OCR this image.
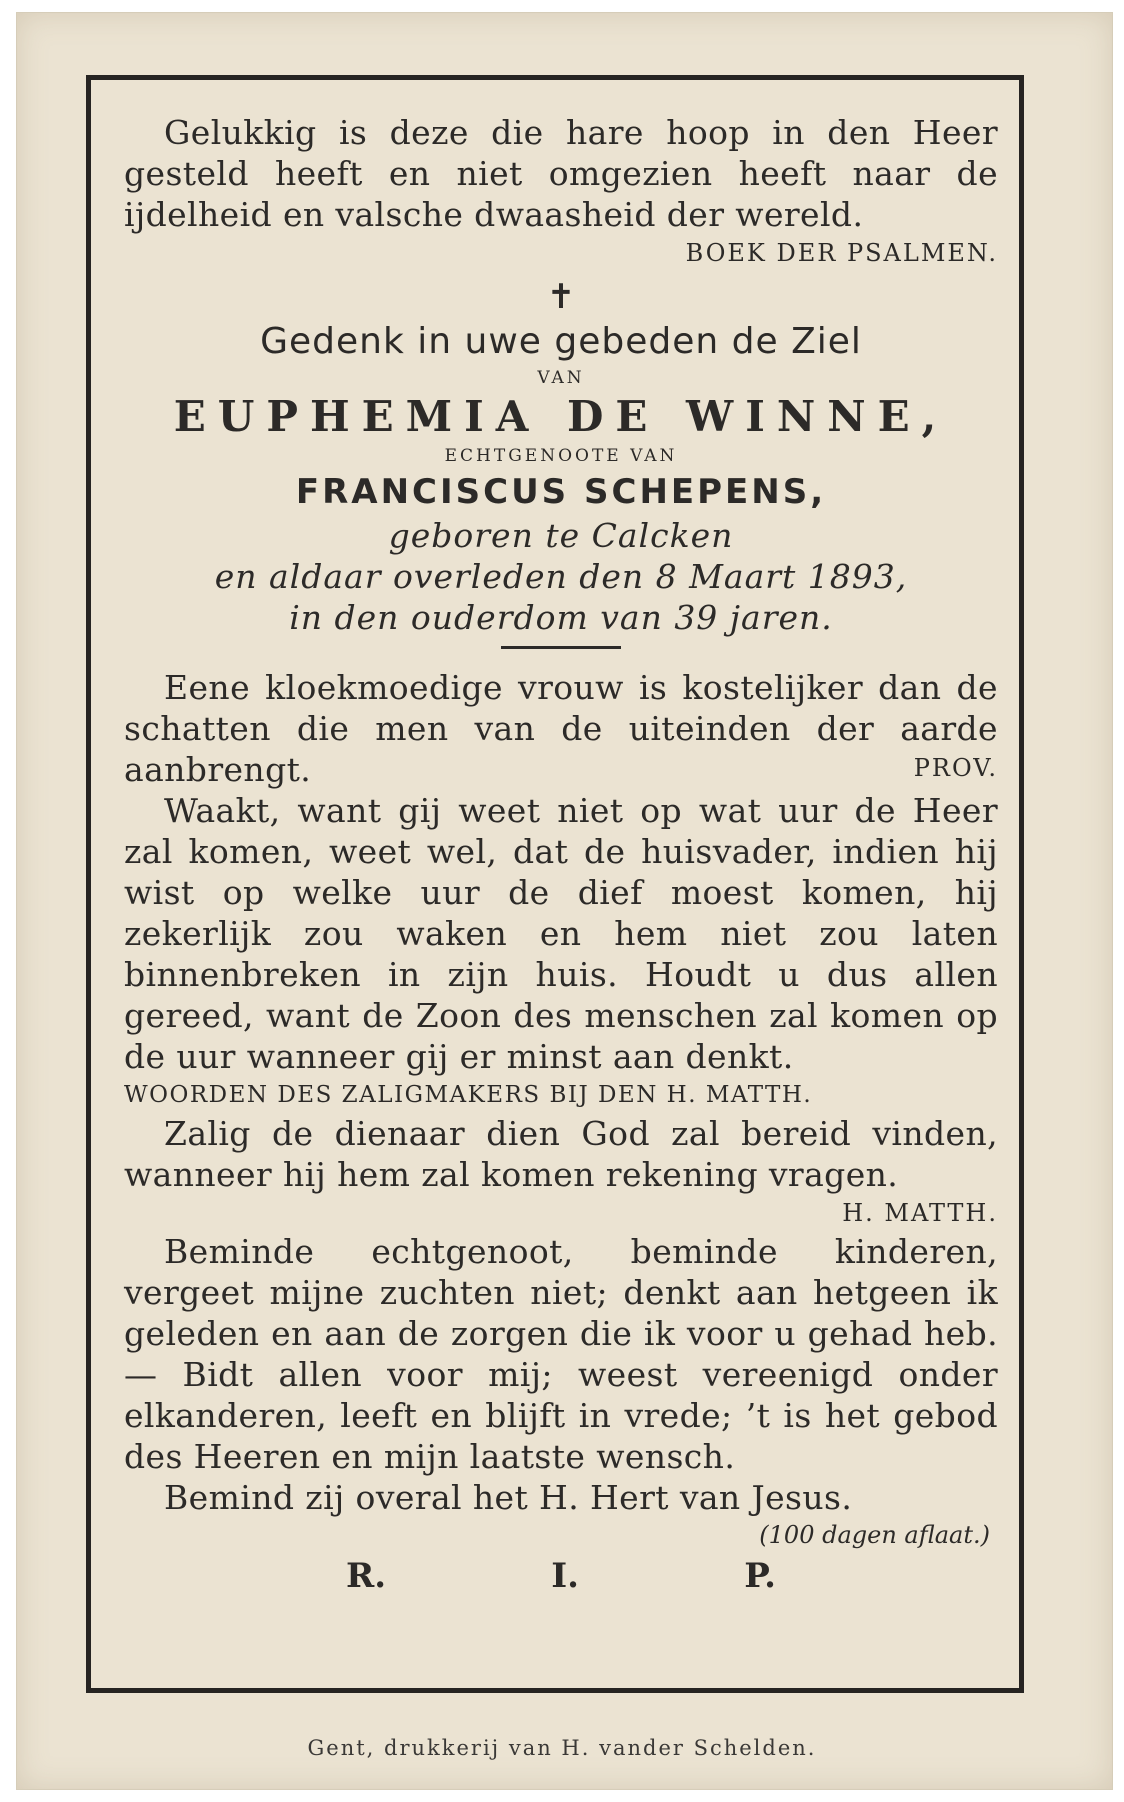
Gelukkig is deze die hare hoop in den Heer gesteld heeft en niet omgezien heeft naar de ijdelheid en valsche dwaasheid der wereld.

BOEK DER PSALMEN.

✝

Gedenk in uwe gebeden de Ziel

VAN

EUPHEMIA DE WINNE,

ECHTGENOOTE VAN

FRANCISCUS SCHEPENS,

geboren te Calcken

en aldaar overleden den 8 Maart 1893,

in den ouderdom van 39 jaren.

Eene kloekmoedige vrouw is kostelijker dan de schatten die men van de uiteinden der aarde aanbrengt.	PROV.

Waakt, want gij weet niet op wat uur de Heer zal komen, weet wel, dat de huisvader, indien hij wist op welke uur de dief moest komen, hij zekerlijk zou waken en hem niet zou laten binnenbreken in zijn huis. Houdt u dus allen gereed, want de Zoon des menschen zal komen op de uur wanneer gij er minst aan denkt.

WOORDEN DES ZALIGMAKERS BIJ DEN H. MATTH.

Zalig de dienaar dien God zal bereid vinden, wanneer hij hem zal komen rekening vragen.

H. MATTH.

Beminde echtgenoot, beminde kinderen, vergeet mijne zuchten niet; denkt aan hetgeen ik geleden en aan de zorgen die ik voor u gehad heb. — Bidt allen voor mij; weest vereenigd onder elkanderen, leeft en blijft in vrede; ’t is het gebod des Heeren en mijn laatste wensch.

Bemind zij overal het H. Hert van Jesus.

(100 dagen aflaat.)

R.	I.	P.
Gent, drukkerij van H. vander Schelden.
